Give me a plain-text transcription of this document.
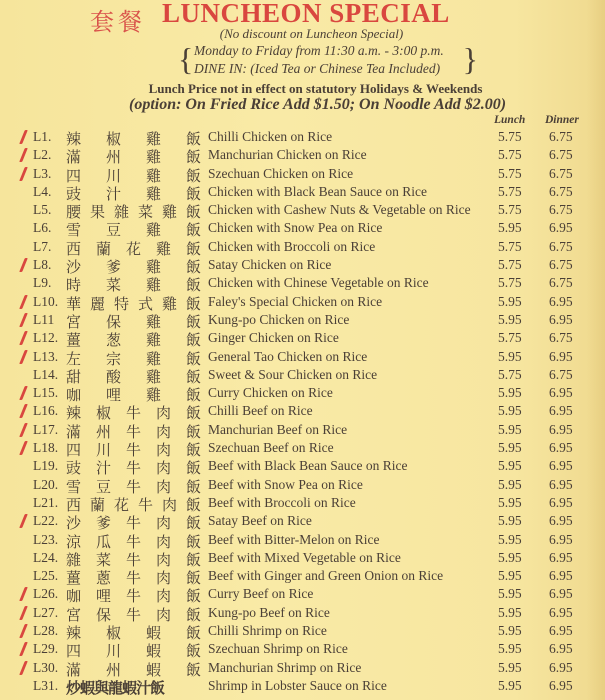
套餐 LUNCHEON SPECIAL
(No discount on Luncheon Special)
{ Monday to Friday from 11:30 a.m. - 3:00 p.m.
DINE IN: (Iced Tea or Chinese Tea Included) }
Lunch Price not in effect on statutory Holidays & Weekends
(option: On Fried Rice Add $1.50; On Noodle Add $2.00)
Lunch Dinner
L1. 辣 椒 雞 飯 Chilli Chicken on Rice	5.75 6.75
L2. 滿 州 雞 飯 Manchurian Chicken on Rice	5.75 6.75
L3. 四 川 雞 飯 Szechuan Chicken on Rice	5.75 6.75
L4. 豉 汁 雞 飯 Chicken with Black Bean Sauce on Rice	5.75 6.75
L5. 腰 果 雜 菜 雞 飯 Chicken with Cashew Nuts & Vegetable on Rice 5.75 6.75
L6. 雪 豆 雞 飯 Chicken with Snow Pea on Rice	5.95 6.95
L7. 西 蘭 花 雞 飯 Chicken with Broccoli on Rice	5.75 6.75
L8. 沙 爹 雞 飯 Satay Chicken on Rice	5.75 6.75
L9. 時 菜 雞 飯 Chicken with Chinese Vegetable on Rice	5.75 6.75
L10. 華 麗 特 式 雞 飯 Faley's Special Chicken on Rice	5.95 6.95
L11 宮 保 雞 飯 Kung-po Chicken on Rice	5.95 6.95
L12. 薑 葱 雞 飯 Ginger Chicken on Rice	5.75 6.75
L13. 左 宗 雞 飯 General Tao Chicken on Rice	5.95 6.95
L14. 甜 酸 雞 飯 Sweet & Sour Chicken on Rice	5.75 6.75
L15. 咖 哩 雞 飯 Curry Chicken on Rice	5.95 6.95
L16. 辣 椒 牛 肉 飯 Chilli Beef on Rice	5.95 6.95
L17. 滿 州 牛 肉 飯 Manchurian Beef on Rice	5.95 6.95
L18. 四 川 牛 肉 飯 Szechuan Beef on Rice	5.95 6.95
L19. 豉 汁 牛 肉 飯 Beef with Black Bean Sauce on Rice	5.95 6.95
L20. 雪 豆 牛 肉 飯 Beef with Snow Pea on Rice	5.95 6.95
L21. 西 蘭 花 牛 肉 飯 Beef with Broccoli on Rice	5.95 6.95
L22. 沙 爹 牛 肉 飯 Satay Beef on Rice	5.95 6.95
L23. 涼 瓜 牛 肉 飯 Beef with Bitter-Melon on Rice	5.95 6.95
L24. 雜 菜 牛 肉 飯 Beef with Mixed Vegetable on Rice	5.95 6.95
L25. 薑 蔥 牛 肉 飯 Beef with Ginger and Green Onion on Rice	5.95 6.95
L26. 咖 哩 牛 肉 飯 Curry Beef on Rice	5.95 6.95
L27. 宮 保 牛 肉 飯 Kung-po Beef on Rice	5.95 6.95
L28. 辣 椒 蝦 飯 Chilli Shrimp on Rice	5.95 6.95
L29. 四 川 蝦 飯 Szechuan Shrimp on Rice	5.95 6.95
L30. 滿 州 蝦 飯 Manchurian Shrimp on Rice	5.95 6.95
L31. 炒蝦與龍蝦汁飯	Shrimp in Lobster Sauce on Rice	5.95 6.95
